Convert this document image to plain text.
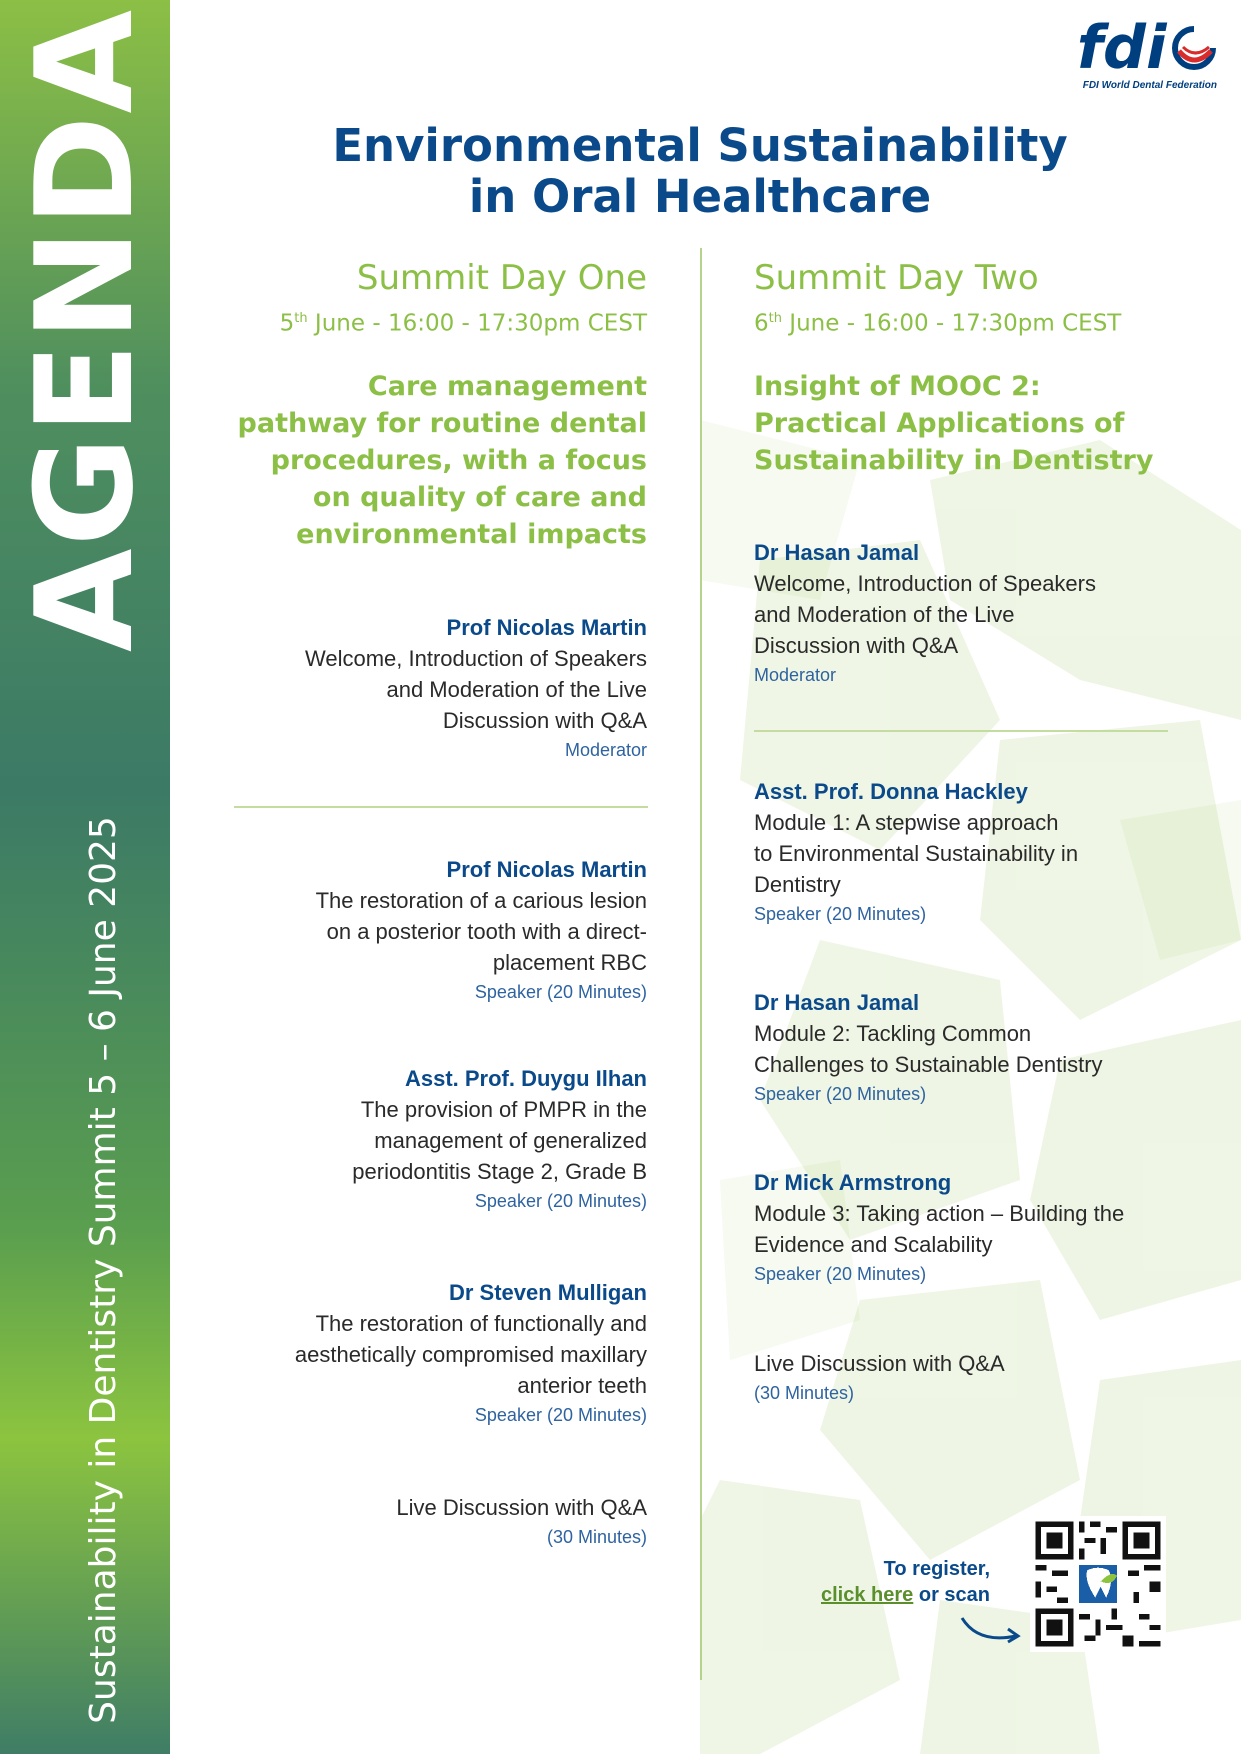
AGENDA
Sustainability in Dentistry Summit 5 – 6 June 2025
fdi
FDI World Dental Federation
Environmental Sustainability
in Oral Healthcare
Summit Day One
5th June - 16:00 - 17:30pm CEST
Care management
pathway for routine dental
procedures, with a focus
on quality of care and
environmental impacts
Prof Nicolas Martin
Welcome, Introduction of Speakers
and Moderation of the Live
Discussion with Q&A
Moderator
Prof Nicolas Martin
The restoration of a carious lesion
on a posterior tooth with a direct-
placement RBC
Speaker (20 Minutes)
Asst. Prof. Duygu Ilhan
The provision of PMPR in the
management of generalized
periodontitis Stage 2, Grade B
Speaker (20 Minutes)
Dr Steven Mulligan
The restoration of functionally and
aesthetically compromised maxillary
anterior teeth
Speaker (20 Minutes)
Live Discussion with Q&A
(30 Minutes)
Summit Day Two
6th June - 16:00 - 17:30pm CEST
Insight of MOOC 2:
Practical Applications of
Sustainability in Dentistry
Dr Hasan Jamal
Welcome, Introduction of Speakers
and Moderation of the Live
Discussion with Q&A
Moderator
Asst. Prof. Donna Hackley
Module 1: A stepwise approach
to Environmental Sustainability in
Dentistry
Speaker (20 Minutes)
Dr Hasan Jamal
Module 2: Tackling Common
Challenges to Sustainable Dentistry
Speaker (20 Minutes)
Dr Mick Armstrong
Module 3: Taking action – Building the
Evidence and Scalability
Speaker (20 Minutes)
Live Discussion with Q&A
(30 Minutes)
To register,
click here or scan
